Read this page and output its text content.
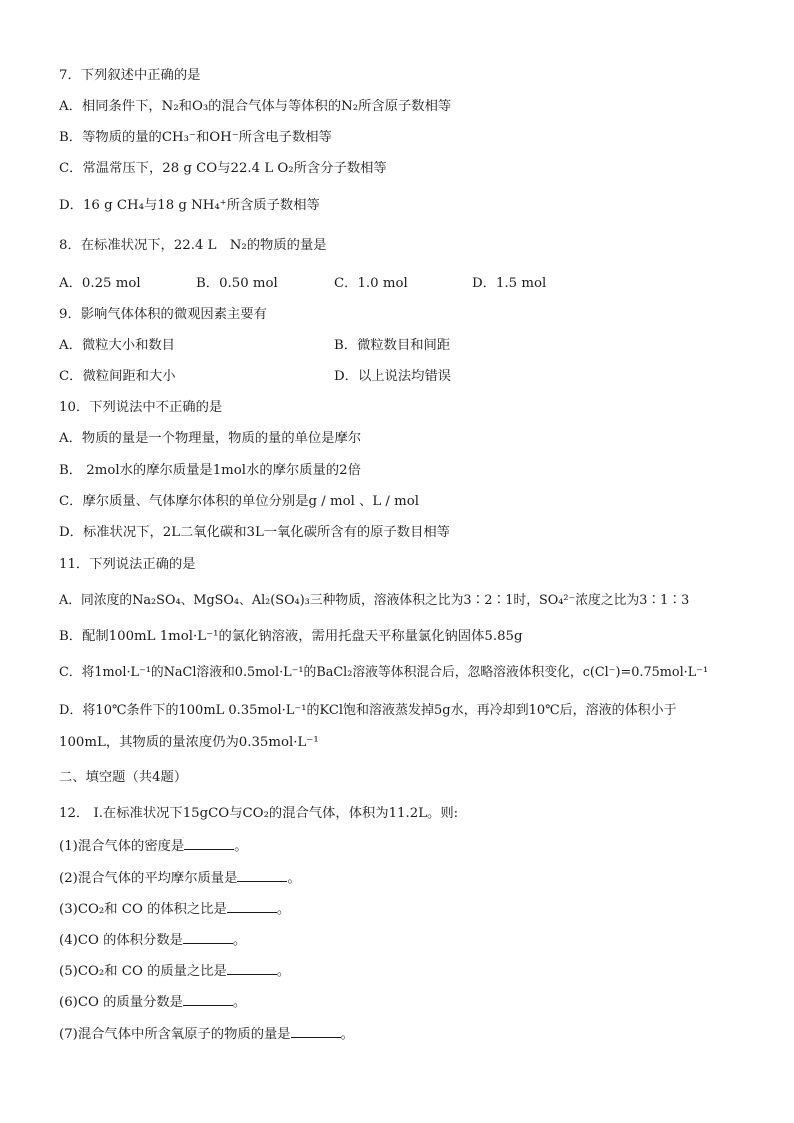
7．下列叙述中正确的是
A．相同条件下，N₂和O₃的混合气体与等体积的N₂所含原子数相等
B．等物质的量的CH₃⁻和OH⁻所含电子数相等
C．常温常压下，28 g CO与22.4 L O₂所含分子数相等
D．16 g CH₄与18 g NH₄⁺所含质子数相等
8．在标准状况下，22.4 L　N₂的物质的量是
A．0.25 mol	B．0.50 mol	C．1.0 mol	D．1.5 mol
9．影响气体体积的微观因素主要有
A．微粒大小和数目	B．微粒数目和间距
C．微粒间距和大小	D．以上说法均错误
10．下列说法中不正确的是
A．物质的量是一个物理量，物质的量的单位是摩尔
B． 2mol水的摩尔质量是1mol水的摩尔质量的2倍
C．摩尔质量、气体摩尔体积的单位分别是g / mol 、L / mol
D．标准状况下，2L二氧化碳和3L一氧化碳所含有的原子数目相等
11．下列说法正确的是
A．同浓度的Na₂SO₄、MgSO₄、Al₂(SO₄)₃三种物质，溶液体积之比为3∶2∶1时，SO₄²⁻浓度之比为3∶1∶3
B．配制100mL 1mol·L⁻¹的氯化钠溶液，需用托盘天平称量氯化钠固体5.85g
C．将1mol·L⁻¹的NaCl溶液和0.5mol·L⁻¹的BaCl₂溶液等体积混合后，忽略溶液体积变化，c(Cl⁻)=0.75mol·L⁻¹
D．将10℃条件下的100mL 0.35mol·L⁻¹的KCl饱和溶液蒸发掉5g水，再冷却到10℃后，溶液的体积小于
100mL，其物质的量浓度仍为0.35mol·L⁻¹
二、填空题（共4题）
12． Ⅰ.在标准状况下15gCO与CO₂的混合气体，体积为11.2L。则:
(1)混合气体的密度是	。
(2)混合气体的平均摩尔质量是	。
(3)CO₂和 CO 的体积之比是	。
(4)CO 的体积分数是	。
(5)CO₂和 CO 的质量之比是	。
(6)CO 的质量分数是	。
(7)混合气体中所含氧原子的物质的量是	。
